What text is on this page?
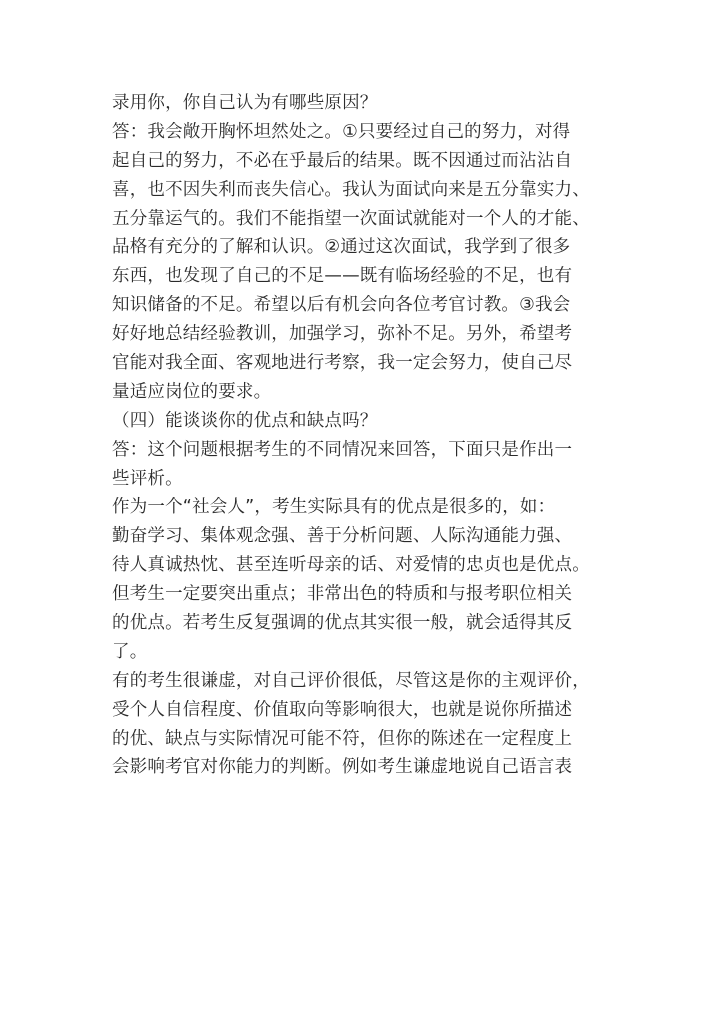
录用你，你自己认为有哪些原因？
答：我会敞开胸怀坦然处之。①只要经过自己的努力，对得
起自己的努力，不必在乎最后的结果。既不因通过而沾沾自
喜，也不因失利而丧失信心。我认为面试向来是五分靠实力、
五分靠运气的。我们不能指望一次面试就能对一个人的才能、
品格有充分的了解和认识。②通过这次面试，我学到了很多
东西，也发现了自己的不足——既有临场经验的不足，也有
知识储备的不足。希望以后有机会向各位考官讨教。③我会
好好地总结经验教训，加强学习，弥补不足。另外，希望考
官能对我全面、客观地进行考察，我一定会努力，使自己尽
量适应岗位的要求。
（四）能谈谈你的优点和缺点吗？
答：这个问题根据考生的不同情况来回答，下面只是作出一
些评析。
作为一个“社会人”，考生实际具有的优点是很多的，如：
勤奋学习、集体观念强、善于分析问题、人际沟通能力强、
待人真诚热忱、甚至连听母亲的话、对爱情的忠贞也是优点。
但考生一定要突出重点；非常出色的特质和与报考职位相关
的优点。若考生反复强调的优点其实很一般，就会适得其反
了。
有的考生很谦虚，对自己评价很低，尽管这是你的主观评价，
受个人自信程度、价值取向等影响很大，也就是说你所描述
的优、缺点与实际情况可能不符，但你的陈述在一定程度上
会影响考官对你能力的判断。例如考生谦虚地说自己语言表
